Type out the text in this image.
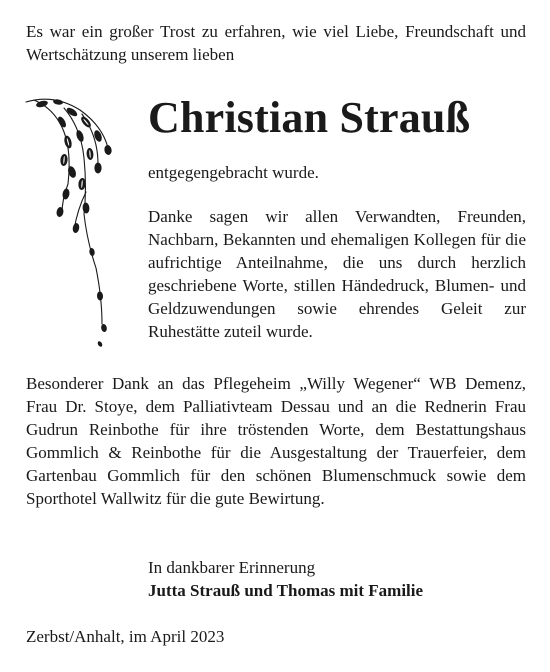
Es war ein großer Trost zu erfahren, wie viel Liebe, Freundschaft und Wertschätzung unserem lieben

Christian Strauß
entgegengebracht wurde.

Danke sagen wir allen Verwandten, Freunden, Nachbarn, Bekannten und ehemaligen Kollegen für die aufrichtige Anteilnahme, die uns durch herzlich geschriebene Worte, stillen Händedruck, Blumen- und Geldzuwendungen sowie ehrendes Geleit zur Ruhestätte zuteil wurde.

Besonderer Dank an das Pflegeheim „Willy Wegener“ WB Demenz, Frau Dr. Stoye, dem Palliativteam Dessau und an die Rednerin Frau Gudrun Reinbothe für ihre tröstenden Worte, dem Bestattungshaus Gommlich & Reinbothe für die Ausgestaltung der Trauerfeier, dem Gartenbau Gommlich für den schönen Blumenschmuck sowie dem Sporthotel Wallwitz für die gute Bewirtung.

In dankbarer Erinnerung
Jutta Strauß und Thomas mit Familie
Zerbst/Anhalt, im April 2023
